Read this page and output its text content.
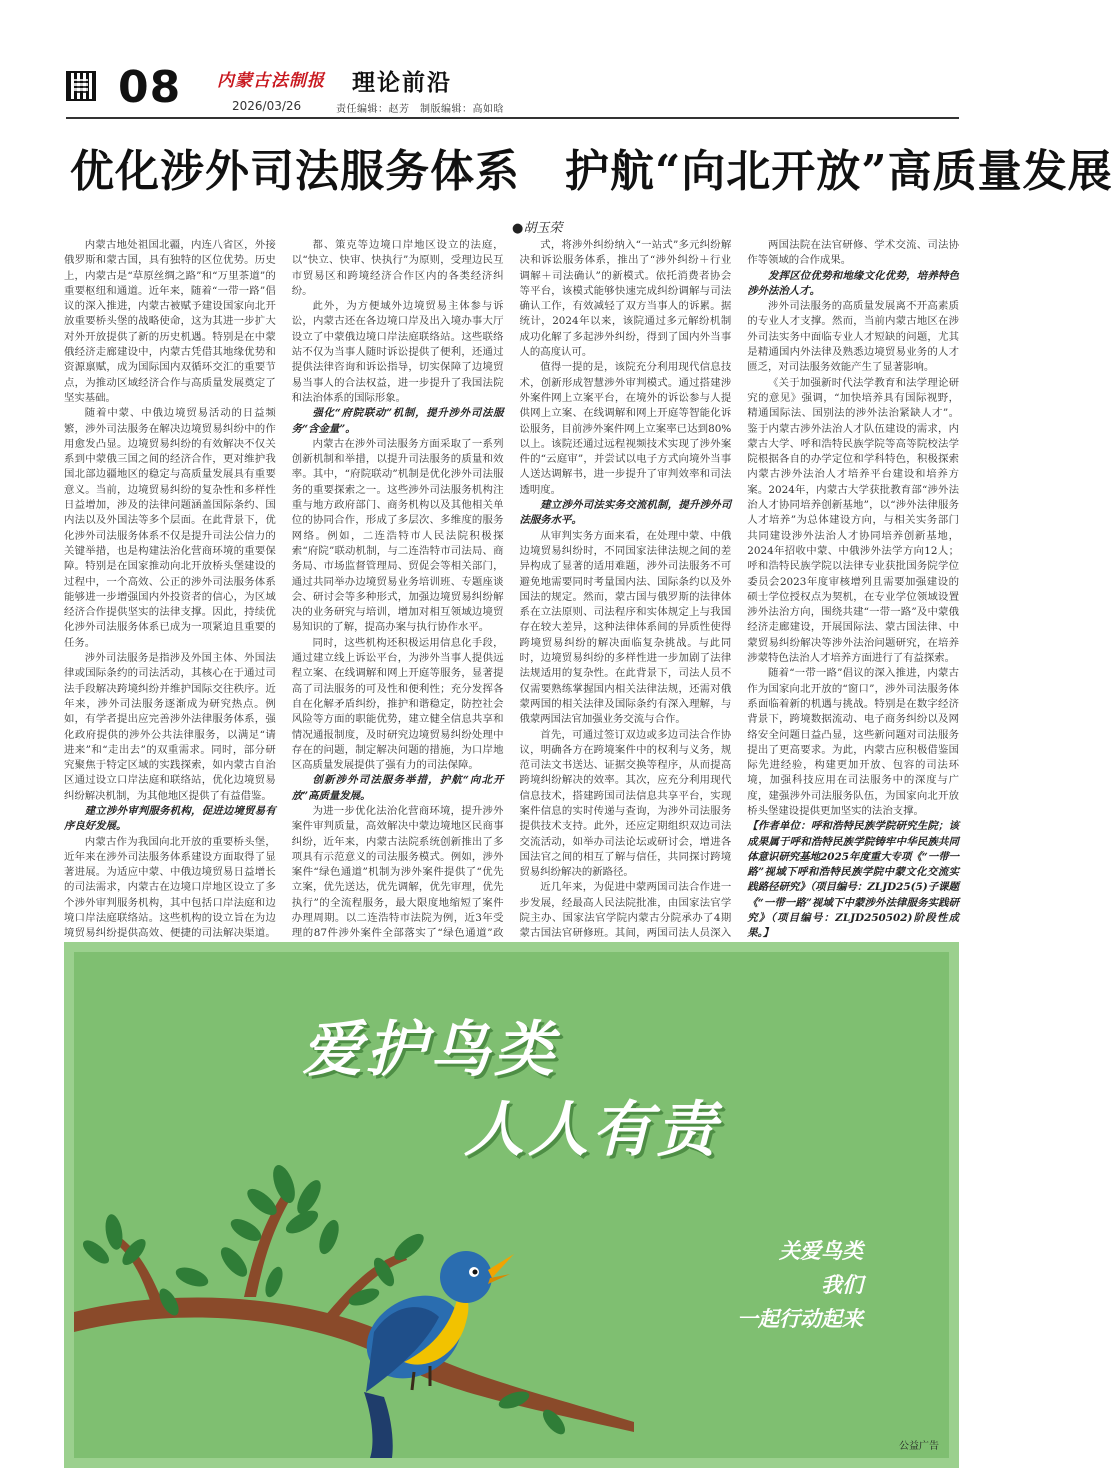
08 内蒙古法制报
2026/03/26
理论前沿
责任编辑：赵芳　制版编辑：高如晗
优化涉外司法服务体系　护航“向北开放”高质量发展
●胡玉荣

内蒙古地处祖国北疆，内连八省区，外接俄罗斯和蒙古国，具有独特的区位优势。历史上，内蒙古是“草原丝绸之路”和“万里茶道”的重要枢纽和通道。近年来，随着“一带一路”倡议的深入推进，内蒙古被赋予建设国家向北开放重要桥头堡的战略使命，这为其进一步扩大对外开放提供了新的历史机遇。特别是在中蒙俄经济走廊建设中，内蒙古凭借其地缘优势和资源禀赋，成为国际国内双循环交汇的重要节点，为推动区域经济合作与高质量发展奠定了坚实基础。

随着中蒙、中俄边境贸易活动的日益频繁，涉外司法服务在解决边境贸易纠纷中的作用愈发凸显。边境贸易纠纷的有效解决不仅关系到中蒙俄三国之间的经济合作，更对维护我国北部边疆地区的稳定与高质量发展具有重要意义。当前，边境贸易纠纷的复杂性和多样性日益增加，涉及的法律问题涵盖国际条约、国内法以及外国法等多个层面。在此背景下，优化涉外司法服务体系不仅是提升司法公信力的关键举措，也是构建法治化营商环境的重要保障。特别是在国家推动向北开放桥头堡建设的过程中，一个高效、公正的涉外司法服务体系能够进一步增强国内外投资者的信心，为区域经济合作提供坚实的法律支撑。因此，持续优化涉外司法服务体系已成为一项紧迫且重要的任务。

涉外司法服务是指涉及外国主体、外国法律或国际条约的司法活动，其核心在于通过司法手段解决跨境纠纷并维护国际交往秩序。近年来，涉外司法服务逐渐成为研究热点。例如，有学者提出应完善涉外法律服务体系，强化政府提供的涉外公共法律服务，以满足“请进来”和“走出去”的双重需求。同时，部分研究聚焦于特定区域的实践探索，如内蒙古自治区通过设立口岸法庭和联络站，优化边境贸易纠纷解决机制，为其他地区提供了有益借鉴。

建立涉外审判服务机构，促进边境贸易有序良好发展。

内蒙古作为我国向北开放的重要桥头堡，近年来在涉外司法服务体系建设方面取得了显著进展。为适应中蒙、中俄边境贸易日益增长的司法需求，内蒙古在边境口岸地区设立了多个涉外审判服务机构，其中包括口岸法庭和边境口岸法庭联络站。这些机构的设立旨在为边境贸易纠纷提供高效、便捷的司法解决渠道。

都、策克等边境口岸地区设立的法庭，以“快立、快审、快执行”为原则，受理边民互市贸易区和跨境经济合作区内的各类经济纠纷。

此外，为方便域外边境贸易主体参与诉讼，内蒙古还在各边境口岸及出入境办事大厅设立了中蒙俄边境口岸法庭联络站。这些联络站不仅为当事人随时诉讼提供了便利，还通过提供法律咨询和诉讼指导，切实保障了边境贸易当事人的合法权益，进一步提升了我国法院和法治体系的国际形象。

强化“府院联动”机制，提升涉外司法服务“含金量”。

内蒙古在涉外司法服务方面采取了一系列创新机制和举措，以提升司法服务的质量和效率。其中，“府院联动”机制是优化涉外司法服务的重要探索之一。这些涉外司法服务机构注重与地方政府部门、商务机构以及其他相关单位的协同合作，形成了多层次、多维度的服务网络。例如，二连浩特市人民法院积极探索“府院”联动机制，与二连浩特市司法局、商务局、市场监督管理局、贸促会等相关部门，通过共同举办边境贸易业务培训班、专题座谈会、研讨会等多种形式，加强边境贸易纠纷解决的业务研究与培训，增加对相互领域边境贸易知识的了解，提高办案与执行协作水平。

同时，这些机构还积极运用信息化手段，通过建立线上诉讼平台，为涉外当事人提供远程立案、在线调解和网上开庭等服务，显著提高了司法服务的可及性和便利性；充分发挥各自在化解矛盾纠纷，推护和谐稳定，防控社会风险等方面的职能优势，建立健全信息共享和情况通报制度，及时研究边境贸易纠纷处理中存在的问题，制定解决问题的措施，为口岸地区高质量发展提供了强有力的司法保障。

创新涉外司法服务举措，护航“向北开放”高质量发展。

为进一步优化法治化营商环境，提升涉外案件审判质量，高效解决中蒙边境地区民商事纠纷，近年来，内蒙古法院系统创新推出了多项具有示范意义的司法服务模式。例如，涉外案件“绿色通道”机制为涉外案件提供了“优先立案，优先送达，优先调解，优先审理，优先执行”的全流程服务，最大限度地缩短了案件办理周期。以二连浩特市法院为例，近3年受理的87件涉外案件全部落实了“绿色通道”政

式，将涉外纠纷纳入“一站式”多元纠纷解决和诉讼服务体系，推出了“涉外纠纷＋行业调解＋司法确认”的新模式。依托消费者协会等平台，该模式能够快速完成纠纷调解与司法确认工作，有效减轻了双方当事人的诉累。据统计，2024年以来，该院通过多元解纷机制成功化解了多起涉外纠纷，得到了国内外当事人的高度认可。

值得一提的是，该院充分利用现代信息技术，创新形成智慧涉外审判模式。通过搭建涉外案件网上立案平台，在境外的诉讼参与人提供网上立案、在线调解和网上开庭等智能化诉讼服务，目前涉外案件网上立案率已达到80%以上。该院还通过远程视频技术实现了涉外案件的“云庭审”，并尝试以电子方式向境外当事人送达调解书，进一步提升了审判效率和司法透明度。

建立涉外司法实务交流机制，提升涉外司法服务水平。

从审判实务方面来看，在处理中蒙、中俄边境贸易纠纷时，不同国家法律法规之间的差异构成了显著的适用难题，涉外司法服务不可避免地需要同时考量国内法、国际条约以及外国法的规定。然而，蒙古国与俄罗斯的法律体系在立法原则、司法程序和实体规定上与我国存在较大差异，这种法律体系间的异质性使得跨境贸易纠纷的解决面临复杂挑战。与此同时，边境贸易纠纷的多样性进一步加剧了法律法规适用的复杂性。在此背景下，司法人员不仅需要熟练掌握国内相关法律法规，还需对俄蒙两国的相关法律及国际条约有深入理解，与俄蒙两国法官加强业务交流与合作。

首先，可通过签订双边或多边司法合作协议，明确各方在跨境案件中的权利与义务，规范司法文书送达、证据交换等程序，从而提高跨境纠纷解决的效率。其次，应充分利用现代信息技术，搭建跨国司法信息共享平台，实现案件信息的实时传递与查询，为涉外司法服务提供技术支持。此外，还应定期组织双边司法交流活动，如举办司法论坛或研讨会，增进各国法官之间的相互了解与信任，共同探讨跨境贸易纠纷解决的新路径。

近几年来，为促进中蒙两国司法合作进一步发展，经最高人民法院批准，由国家法官学院主办、国家法官学院内蒙古分院承办了4期蒙古国法官研修班。其间，两国司法人员深入

两国法院在法官研修、学术交流、司法协作等领域的合作成果。

发挥区位优势和地缘文化优势，培养特色涉外法治人才。

涉外司法服务的高质量发展离不开高素质的专业人才支撑。然而，当前内蒙古地区在涉外司法实务中面临专业人才短缺的问题，尤其是精通国内外法律及熟悉边境贸易业务的人才匮乏，对司法服务效能产生了显著影响。

《关于加强新时代法学教育和法学理论研究的意见》强调，“加快培养具有国际视野，精通国际法、国别法的涉外法治紧缺人才”。鉴于内蒙古涉外法治人才队伍建设的需求，内蒙古大学、呼和浩特民族学院等高等院校法学院根据各自的办学定位和学科特色，积极探索内蒙古涉外法治人才培养平台建设和培养方案。2024年，内蒙古大学获批教育部“涉外法治人才协同培养创新基地”，以“涉外法律服务人才培养”为总体建设方向，与相关实务部门共同建设涉外法治人才协同培养创新基地，2024年招收中蒙、中俄涉外法学方向12人；呼和浩特民族学院以法律专业获批国务院学位委员会2023年度审核增列且需要加强建设的硕士学位授权点为契机，在专业学位领域设置涉外法治方向，围绕共建“一带一路”及中蒙俄经济走廊建设，开展国际法、蒙古国法律、中蒙贸易纠纷解决等涉外法治问题研究，在培养涉蒙特色法治人才培养方面进行了有益探索。

随着“一带一路”倡议的深入推进，内蒙古作为国家向北开放的“窗口”，涉外司法服务体系面临着新的机遇与挑战。特别是在数字经济背景下，跨境数据流动、电子商务纠纷以及网络安全问题日益凸显，这些新问题对司法服务提出了更高要求。为此，内蒙古应积极借鉴国际先进经验，构建更加开放、包容的司法环境，加强科技应用在司法服务中的深度与广度，建强涉外司法服务队伍，为国家向北开放桥头堡建设提供更加坚实的法治支撑。

【作者单位：呼和浩特民族学院研究生院；该成果属于呼和浩特民族学院铸牢中华民族共同体意识研究基地2025年度重大专项《“一带一路”视域下呼和浩特民族学院中蒙文化交流实践路径研究》（项目编号：ZLJD25(5)子课题《“一带一路”视域下中蒙涉外法律服务实践研究》（项目编号：ZLJD250502)阶段性成果。】

爱护鸟类
人人有责
关爱鸟类
我们
一起行动起来
公益广告
